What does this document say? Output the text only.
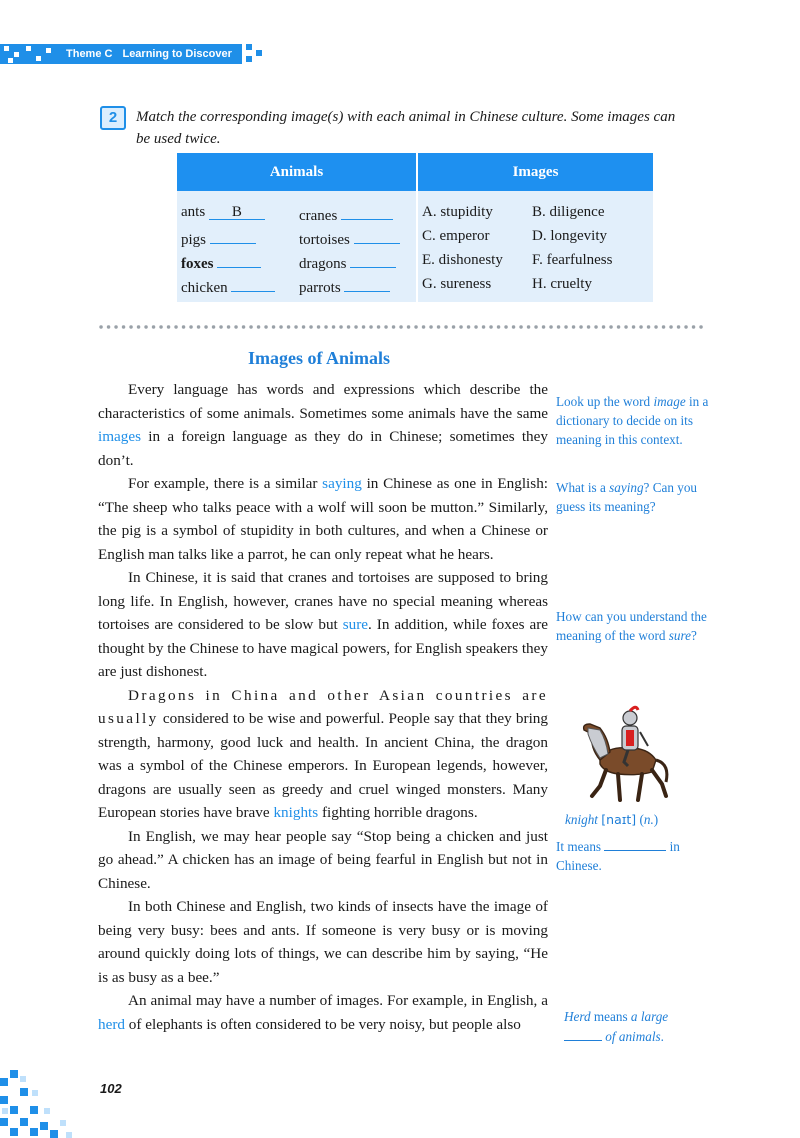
Theme C Learning to Discover
2	Match the corresponding image(s) with each animal in Chinese culture. Some images can
be used twice.
Animals	Images
ants B	cranes
pigs	tortoises
foxes	dragons
chicken	parrots
A. stupidity	B. diligence
C. emperor	D. longevity
E. dishonesty F. fearfulness
G. sureness	H. cruelty
Images of Animals

Every language has words and expressions which describe the characteristics of some animals. Sometimes some animals have the same images in a foreign language as they do in Chinese; sometimes they don’t.

For example, there is a similar saying in Chinese as one in English: “The sheep who talks peace with a wolf will soon be mutton.” Similarly, the pig is a symbol of stupidity in both cultures, and when a Chinese or English man talks like a parrot, he can only repeat what he hears.

In Chinese, it is said that cranes and tortoises are supposed to bring long life. In English, however, cranes have no special meaning whereas tortoises are considered to be slow but sure. In addition, while foxes are thought by the Chinese to have magical powers, for English speakers they are just dishonest.

Dragons in China and other Asian countries are usually considered to be wise and powerful. People say that they bring strength, harmony, good luck and health. In ancient China, the dragon was a symbol of the Chinese emperors. In European legends, however, dragons are usually seen as greedy and cruel winged monsters. Many European stories have brave knights fighting horrible dragons.

In English, we may hear people say “Stop being a chicken and just go ahead.” A chicken has an image of being fearful in English but not in Chinese.

In both Chinese and English, two kinds of insects have the image of being very busy: bees and ants. If someone is very busy or is moving around quickly doing lots of things, we can describe him by saying, “He is as busy as a bee.”

An animal may have a number of images. For example, in English, a herd of elephants is often considered to be very noisy, but people also

Look up the word image in a dictionary to decide on its meaning in this context.
What is a saying? Can you guess its meaning?
How can you understand the meaning of the word sure?
knight [naɪt] (n.)
It means	in Chinese.
Herd means a large
of animals.
102
